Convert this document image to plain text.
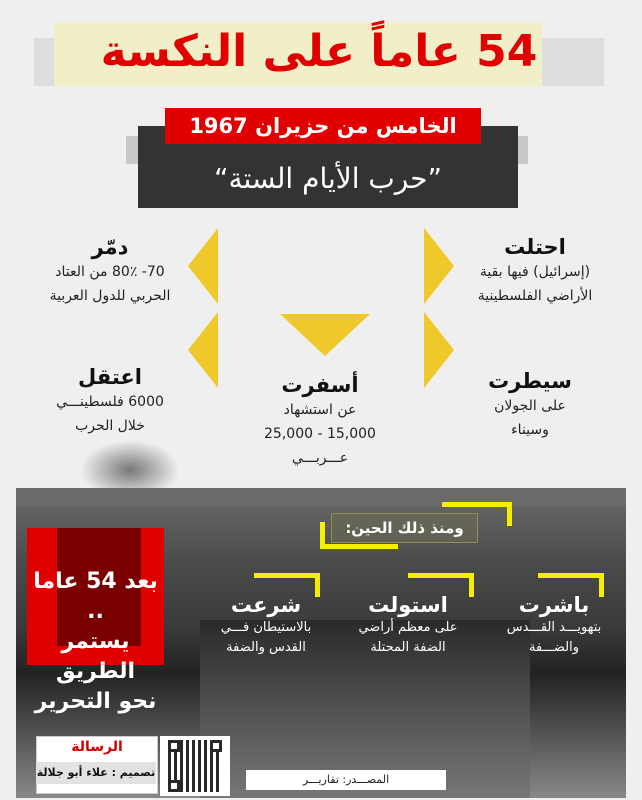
54 عاماً على النكسة
الخامس من حزيران 1967
”حرب الأيام الستة“
احتلت

(إسرائيل) فيها بقية

الأراضي الفلسطينية

دمّر

70- 80٪ من العتاد

الحربي للدول العربية

سيطرت

على الجولان

وسيناء

أسفرت

عن استشهاد

15,000 - 25,000

عـــربـــي

اعتقل

6000 فلسطينـــي

خلال الحرب

ومنذ ذلك الحين:
باشرت

بتهويـــد القـــدس

والضـــفة

استولت

على معظم أراضي

الضفة المحتلة

شرعت

بالاستيطان فـــي

القدس والضفة

بعد 54 عاما ..
يستمر الطريق
نحو التحرير
الرسالة
تصميم : علاء أبو جلالة
المصـــدر: تقاريـــر
